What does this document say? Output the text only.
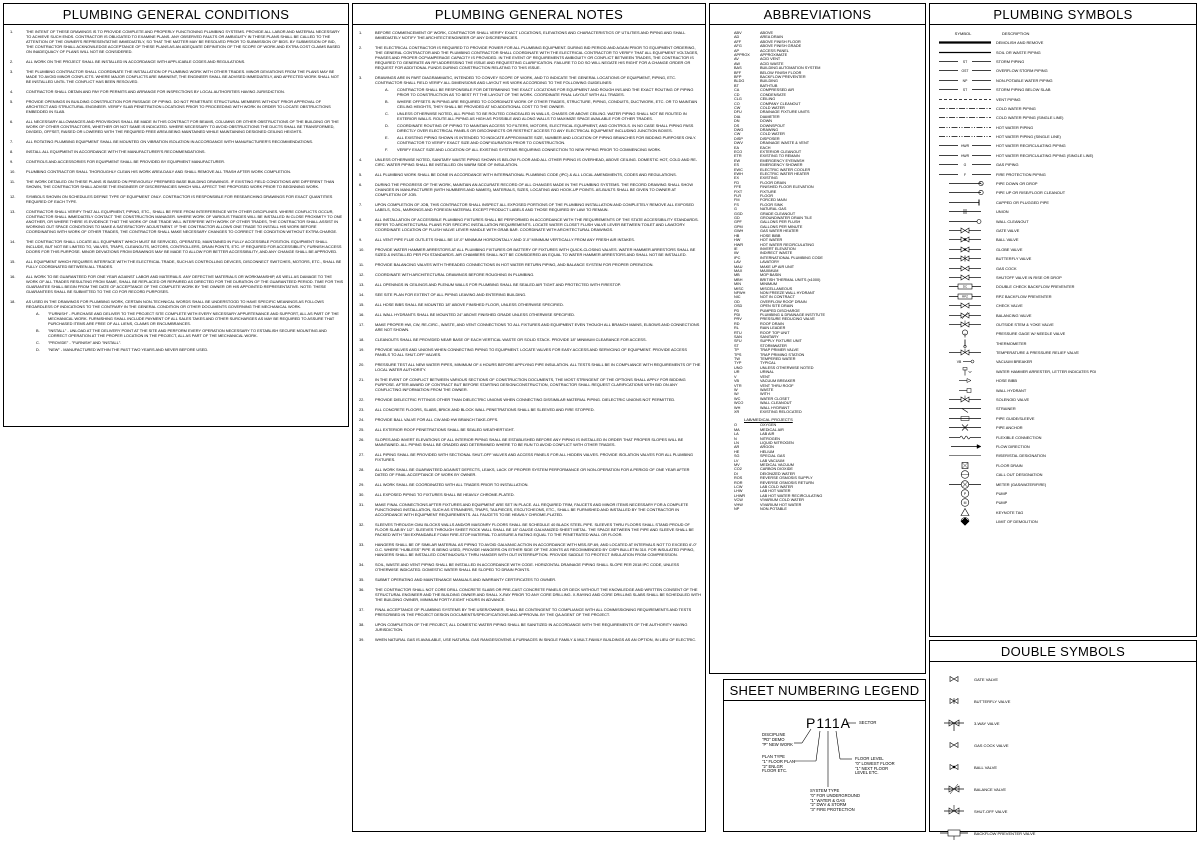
PLUMBING GENERAL CONDITIONS
1.	THE INTENT OF THESE DRAWINGS IS TO PROVIDE COMPLETE AND PROPERLY FUNCTIONING PLUMBING SYSTEMS. PROVIDE ALL LABOR AND MATERIAL NECESSARY TO ACHIEVE SUCH ENDS. CONTRACTOR IS OBLIGATED TO EXAMINE PLANS. ANY OBSERVED FAULTS OR AMBIGUITY IN THESE PLANS SHALL BE CALLED TO THE ATTENTION OF THE OWNER'S REPRESENTATIVE IMMEDIATELY, SO THAT THE MATTER MAY BE RESOLVED PRIOR TO SUBMISSION OF BIDS. BY SUBMISSION OF BID, THE CONTRACTOR SHALL ACKNOWLEDGE ACCEPTANCE OF THESE PLANS AS AN ADEQUATE DEFINITION OF THE SCOPE OF WORK AND EXTRA COST CLAIMS BASED ON INADEQUACY OF PLANS WILL NOT BE CONSIDERED.
2.	ALL WORK ON THE PROJECT SHALL BE INSTALLED IN ACCORDANCE WITH APPLICABLE CODES AND REGULATIONS.
3.	THE PLUMBING CONTRACTOR SHALL COORDINATE THE INSTALLATION OF PLUMBING WORK WITH OTHER TRADES. MINOR DEVIATIONS FROM THE PLANS MAY BE MADE TO AVOID MINOR CONFLICTS. WHERE MAJOR CONFLICTS ARE IMMINENT, THE ENGINEER SHALL BE ADVISED IMMEDIATELY, AND AFFECTED WORK SHALL NOT BE INSTALLED UNTIL THE CONFLICT HAS BEEN RESOLVED.
4.	CONTRACTOR SHALL OBTAIN AND PAY FOR PERMITS AND ARRANGE FOR INSPECTIONS BY LOCAL AUTHORITIES HAVING JURISDICTION.
5.	PROVIDE OPENINGS IN BUILDING CONSTRUCTION FOR PASSAGE OF PIPING. DO NOT PENETRATE STRUCTURAL MEMBERS WITHOUT PRIOR APPROVAL OF ARCHITECT AND STRUCTURAL ENGINEER. VERIFY SLAB PENETRATION LOCATIONS PRIOR TO PROCEEDING WITH WORK IN ORDER TO LOCATE OBSTRUCTIONS EMBEDDED IN SLAB.
6.	ALL NECESSARY ALLOWANCES AND PROVISIONS SHALL BE MADE IN THIS CONTRACT FOR BEAMS, COLUMNS OR OTHER OBSTRUCTIONS OF THE BUILDING OR THE WORK OF OTHER CONTRACTORS, WHETHER OR NOT SAME IS INDICATED. WHERE NECESSARY TO AVOID OBSTRUCTIONS THE DUCTS SHALL BE TRANSFORMED, DIVIDED, OFFSET, RAISED OR LOWERED WITH THE REQUIRED FREE AREA BEING MAINTAINED WHILE MAINTAINING DESIGNED CEILING HEIGHTS.
7.	ALL ROTATING PLUMBING EQUIPMENT SHALL BE MOUNTED ON VIBRATION ISOLATION IN ACCORDANCE WITH MANUFACTURER'S RECOMMENDATIONS.
8.	INSTALL ALL EQUIPMENT IN ACCORDANCE WITH THE MANUFACTURER'S RECOMMENDATIONS.
9.	CONTROLS AND ACCESSORIES FOR EQUIPMENT SHALL BE PROVIDED BY EQUIPMENT MANUFACTURER.
10.	PLUMBING CONTRACTOR SHALL THOROUGHLY CLEAN HIS WORK AREA DAILY AND SHALL REMOVE ALL TRASH AFTER WORK COMPLETION.
11.	THE WORK DETAILED ON THESE PLANS IS BASED ON PREVIOUSLY PREPARED BASE BUILDING DRAWINGS. IF EXISTING FIELD CONDITIONS ARE DIFFERENT THAN SHOWN, THE CONTRACTOR SHALL ADVISE THE ENGINEER OF DISCREPANCIES WHICH WILL AFFECT THE PROPOSED WORK PRIOR TO BEGINNING WORK.
12.	SYMBOLS SHOWN ON SCHEDULES DEFINE TYPE OF EQUIPMENT ONLY. CONTRACTOR IS RESPONSIBLE FOR RESEARCHING DRAWINGS FOR EXACT QUANTITIES REQUIRED OF EACH TYPE.
13.	CONTRACTOR SHALL VERIFY THAT ALL EQUIPMENT, PIPING, ETC., SHALL BE FREE FROM INTERFERENCE WITH OTHER DISCIPLINES. WHERE CONFLICTS OCCUR, CONTRACTOR SHALL IMMEDIATELY CONTACT THE CONSTRUCTION MANAGER. WHERE WORK OF VARIOUS TRADES WILL BE INSTALLED IN CLOSE PROXIMITY TO ONE ANOTHER, OR WHERE THERE IS EVIDENCE THAT THE WORK OF ONE TRADE WILL INTERFERE WITH WORK OF OTHER TRADES, THE CONTRACTOR SHALL ASSIST IN WORKING OUT SPACE CONDITIONS TO MAKE A SATISFACTORY ADJUSTMENT. IF THE CONTRACTOR ALLOWS ONE TRADE TO INSTALL HIS WORK BEFORE COORDINATING WITH WORK OF OTHER TRADES, THE CONTRACTOR SHALL MAKE NECESSARY CHANGES TO CORRECT THE CONDITION WITHOUT EXTRA CHARGE.
14.	THE CONTRACTOR SHALL LOCATE ALL EQUIPMENT WHICH MUST BE SERVICED, OPERATED, MAINTAINED IN FULLY ACCESSIBLE POSITION. EQUIPMENT SHALL INCLUDE, BUT NOT BE LIMITED TO, VALVES, TRAPS, CLEANOUTS, MOTORS, CONTROLLERS, DRAIN POINTS, ETC. IF REQUIRED FOR ACCESSIBILITY, FURNISH ACCESS DOORS FOR THIS PURPOSE. MINOR DEVIATIONS FROM DRAWINGS MAY BE MADE TO ALLOW FOR BETTER ACCESSIBILITY, AND ANY CHANGE SHALL BE APPROVED.
15.	ALL EQUIPMENT WHICH REQUIRES INTERFACE WITH THE ELECTRICAL TRADE, SUCH AS CONTROLLING DEVICES, DISCONNECT SWITCHES, MOTORS, ETC., SHALL BE FULLY COORDINATED BETWEEN ALL TRADES.
16.	ALL WORK TO BE GUARANTEED FOR ONE YEAR AGAINST LABOR AND MATERIALS. ANY DEFECTIVE MATERIALS OR WORKMANSHIP, AS WELL AS DAMAGE TO THE WORK OF ALL TRADES RESULTING FROM SAME, SHALL BE REPLACED OR REPAIRED AS DIRECTED FOR THE DURATION OF THE GUARANTEED PERIOD. TIME FOR THIS GUARANTEE SHALL BEGIN FROM THE DATE OF ACCEPTANCE OF THE COMPLETE WORK BY THE OWNER OR HIS APPOINTED REPRESENTATIVE. NOTE: THESE GUARANTEES SHALL BE SUBMITTED TO THE CO FOR RECORD PURPOSES.
18.	AS USED IN THE DRAWINGS FOR PLUMBING WORK, CERTAIN NON-TECHNICAL WORDS SHALL BE UNDERSTOOD TO HAVE SPECIFIC MEANINGS AS FOLLOWS REGARDLESS OF INDICATIONS TO THE CONTRARY IN THE GENERAL CONDITION OR OTHER DOCUMENTS GOVERNING THE MECHANICAL WORK.
A. "FURNISH" - PURCHASE AND DELIVER TO THE PROJECT SITE COMPLETE WITH EVERY NECESSARY APPURTENANCE AND SUPPORT, ALL AS PART OF THE MECHANICAL WORK. FURNISHING SHALL INCLUDE PAYMENT OF ALL SALES TAKES AND OTHER SURCHARGES AS MAY BE REQUIRED TO ASSURE THAT PURCHASED ITEMS ARE FREE OF ALL LIENS, CLAIMS OR ENCUMBRANCES.
B. "INSTALL" - UNLOAD AT THE DELIVERY POINT AT THE SITE AND PERFORM EVERY OPERATION NECESSARY TO ESTABLISH SECURE MOUNTING AND CORRECT OPERATION AT THE PROPER LOCATION IN THE PROJECT, ALL AS PART OF THE MECHANICAL WORK.
C. "PROVIDE" - "FURNISH" AND "INSTALL".
D. "NEW" - MANUFACTURED WITHIN THE PAST TWO YEARS AND NEVER BEFORE USED.
PLUMBING GENERAL NOTES
1.	BEFORE COMMENCEMENT OF WORK, CONTRACTOR SHALL VERIFY EXACT LOCATIONS, ELEVATIONS AND CHARACTERISTICS OF UTILITIES AND PIPING AND SHALL IMMEDIATELY NOTIFY THE ARCHITECT/ENGINEER OF ANY DISCREPANCIES.
2.	THE ELECTRICAL CONTRACTOR IS REQUIRED TO PROVIDE POWER FOR ALL PLUMBING EQUIPMENT. DURING BID PERIOD AND AGAIN PRIOR TO EQUIPMENT ORDERING, THE GENERAL CONTRACTOR AND THE PLUMBING CONTRACTOR SHALL COORDINATE WITH THE ELECTRICAL CONTRACTOR TO VERIFY THAT ALL EQUIPMENT VOLTAGES, PHASES AND PROPER OCP/AMPERAGE CAPACITY IS PROVIDED. IN THE EVENT OF REQUIREMENTS AMBIGUITY OR CONFLICT BETWEEN TRADES, THE CONTRACTOR IS REQUIRED TO GENERATE AN RFI ADDRESSING THE ISSUE AND REQUESTING CLARIFICATION. FAILURE TO DO SO WILL NEGATE HIS RIGHT FOR A CHANGE ORDER OR REQUEST FOR ADDITIONAL FUNDS DURING CONSTRUCTION RELATING TO THIS ISSUE.
3.	DRAWINGS ARE IN PART DIAGRAMMATIC, INTENDED TO CONVEY SCOPE OF WORK, AND TO INDICATE THE GENERAL LOCATIONS OF EQUIPMENT, PIPING, ETC. CONTRACTOR SHALL FIELD VERIFY ALL DIMENSIONS AND LAYOUT HIS WORK ACCORDING TO THE FOLLOWING GUIDELINES:
A. CONTRACTOR SHALL BE RESPONSIBLE FOR DETERMINING THE EXACT LOCATIONS FOR EQUIPMENT AND ROUGH INS AND THE EXACT ROUTING OF PIPING PRIOR TO CONSTRUCTION AS TO BEST FIT THE LAYOUT OF THE WORK. COORDINATE FINAL LAYOUT WITH ALL TRADES.
B. WHERE OFFSETS IN PIPING ARE REQUIRED TO COORDINATE WORK OF OTHER TRADES, STRUCTURE, PIPING, CONDUITS, DUCTWORK, ETC. OR TO MAINTAIN CEILING HEIGHTS, THEY SHALL BE PROVIDED AT NO ADDITIONAL COST TO THE OWNER.
C. UNLESS OTHERWISE NOTED, ALL PIPING TO BE ROUTED CONCEALED IN WALLS, CHASES OR ABOVE CEILING. WATER PIPING SHALL NOT BE ROUTED IN EXTERIOR WALLS. ROUTE ALL PIPING AS HIGH AS POSSIBLE AND ALONG WALLS TO MAXIMIZE SPACE AVAILABLE FOR OTHER TRADES.
D. COORDINATE ROUTING OF PIPING TO MAINTAIN ACCESS TO FILTERS, MOTORS, ELECTRICAL EQUIPMENT, AND CONTROLS. IN NO CASE SHALL PIPING PASS DIRECTLY OVER ELECTRICAL PANELS OR DISCONNECTS OR RESTRICT ACCESS TO ANY ELECTRICAL EQUIPMENT INCLUDING JUNCTION BOXES.
E. ALL EXISTING PIPING SHOWN IS INTENDED TO INDICATE APPROXIMATE SIZE, NUMBER AND LOCATION OF PIPING BRANCHES FOR BIDDING PURPOSES ONLY. CONTRACTOR TO VERIFY EXACT SIZE AND CONFIGURATION PRIOR TO CONSTRUCTION.
F. VERIFY EXACT SIZE AND LOCATION OF ALL EXISTING SYSTEMS REQUIRING CONNECTION TO NEW PIPING PRIOR TO COMMENCING WORK.
4.	UNLESS OTHERWISE NOTED, SANITARY WASTE PIPING SHOWN IS BELOW FLOOR AND ALL OTHER PIPING IS OVERHEAD, ABOVE CEILING. DOMESTIC HOT, COLD AND RE-CIRC. WATER PIPING SHALL BE INSTALLED ON WARM SIDE OF INSULATION.
5.	ALL PLUMBING WORK SHALL BE DONE IN ACCORDANCE WITH INTERNATIONAL PLUMBING CODE (IPC) & ALL LOCAL AMENDMENTS, CODES AND REGULATIONS.
6.	DURING THE PROGRESS OF THE WORK, MAINTAIN AN ACCURATE RECORD OF ALL CHANGES MADE IN THE PLUMBING SYSTEMS. THE RECORD DRAWING SHALL SHOW CHANGES IN MANUFACTURER (WITH NUMBERS AND NAMES), MATERIALS, SIZES, LOCATING AND HOOK-UP POINTS. AS-BUILTS SHALL BE GIVEN TO OWNER AT COMPLETION OF JOB.
7.	UPON COMPLETION OF JOB, THIS CONTRACTOR SHALL INSPECT ALL EXPOSED PORTIONS OF THE PLUMBING INSTALLATION AND COMPLETELY REMOVE ALL EXPOSED LABELS, SOIL, MARKINGS AND FOREIGN MATERIAL EXCEPT PRODUCT LABELS AND THOSE REQUIRED BY LAW TO REMAIN.
8.	ALL INSTALLATION OF ACCESSIBLE PLUMBING FIXTURES SHALL BE PERFORMED IN ACCORDANCE WITH THE REQUIREMENTS OF THE STATE ACCESSIBILITY STANDARDS. REFER TO ARCHITECTURAL PLANS FOR SPECIFIC INSTALLATION REQUIREMENTS. LOCATE WATER CLOSET FLUSH VALVE LEVER BETWEEN TOILET AND LAVATORY. COORDINATE LOCATION OF FLUSH VALVE LEVER HANDLE WITH GRAB BAR. COORDINATE WITH ARCHITECTURAL DRAWINGS.
9.	ALL VENT PIPE FLUE OUTLETS SHALL BE 10'-0" MINIMUM HORIZONTALLY AND 3'-0" MINIMUM VERTICALLY FROM ANY FRESH AIR INTAKES.
10.	PROVIDE WATER HAMMER ARRESTORS AT ALL PLUMBING FIXTURES OR BATTERY OF FIXTURES WITH QUICK-CLOSING VALVES. WATER HAMMER ARRESTORS SHALL BE SIZED & INSTALLED PER PDI STANDARDS. AIR CHAMBERS SHALL NOT BE CONSIDERED AN EQUAL TO WATER HAMMER ARRESTORS AND SHALL NOT BE INSTALLED.
11.	PROVIDE BALANCING VALVES WITH THREADED CONNECTIONS IN HOT WATER RETURN PIPING, AND BALANCE SYSTEM FOR PROPER OPERATION.
12.	COORDINATE WITH ARCHITECTURAL DRAWINGS BEFORE ROUGHING IN PLUMBING.
13.	ALL OPENINGS IN CEILINGS AND PLENUM WALLS FOR PLUMBING SHALL BE SEALED AIR TIGHT AND PROTECTED WITH FIRESTOP.
14.	SEE SITE PLAN FOR EXTENT OF ALL PIPING LEAVING AND ENTERING BUILDING.
15.	ALL HOSE BIBS SHALL BE MOUNTED 18" ABOVE FINISHED FLOOR, UNLESS OTHERWISE SPECIFIED.
16.	ALL WALL HYDRANTS SHALL BE MOUNTED 24" ABOVE FINISHED GRADE UNLESS OTHERWISE SPECIFIED.
17.	MAKE PROPER HW, CW, RE-CIRC., WASTE, AND VENT CONNECTIONS TO ALL FIXTURES AND EQUIPMENT EVEN THOUGH ALL BRANCH MAINS, ELBOWS AND CONNECTIONS ARE NOT SHOWN.
18.	CLEANOUTS SHALL BE PROVIDED NEAR BASE OF EACH VERTICAL WASTE OR SOLID STACK. PROVIDE 18" MINIMUM CLEARANCE FOR ACCESS.
19.	PROVIDE VALVES AND UNIONS WHEN CONNECTING PIPING TO EQUIPMENT. LOCATE VALVES FOR EASY ACCESS AND SERVICING OF EQUIPMENT. PROVIDE ACCESS PANELS TO ALL SHUT-OFF VALVES.
20.	PRESSURE TEST ALL NEW WATER PIPES, MINIMUM OF 4 HOURS BEFORE APPLYING PIPE INSULATION. ALL TESTS SHALL BE IN COMPLIANCE WITH REQUIREMENTS OF THE LOCAL WATER AUTHORITY.
21.	IN THE EVENT OF CONFLICT BETWEEN VARIOUS SECTIONS OF CONSTRUCTION DOCUMENTS, THE MOST STRINGENT OF THE OPTIONS SHALL APPLY FOR BIDDING PURPOSE. AFTER AWARD OF CONTRACT BUT BEFORE STARTING DESIGN/CONSTRUCTION, CONTRACTOR SHALL REQUEST CLARIFICATIONS WITH BID ON ANY CONFLICTING INFORMATION FROM THE OWNER.
22.	PROVIDE DIELECTRIC FITTINGS OTHER THAN DIELECTRIC UNIONS WHEN CONNECTING DISSIMILAR MATERIAL PIPING. DIELECTRIC UNIONS NOT PERMITTED.
23.	ALL CONCRETE FLOORS, SLABS, BRICK AND BLOCK WALL PENETRATIONS SHALL BE SLEEVED AND FIRE STOPPED.
24.	PROVIDE BALL VALVE FOR ALL CW AND HW BRANCH TAKE-OFFS.
25.	ALL EXTERIOR ROOF PENETRATIONS SHALL BE SEALED WEATHERTIGHT.
26.	SLOPES AND INVERT ELEVATIONS OF ALL INTERIOR PIPING SHALL BE ESTABLISHED BEFORE ANY PIPING IS INSTALLED IN ORDER THAT PROPER SLOPES WILL BE MAINTAINED. ALL PIPING SHALL BE GRADED AND DETERMINED WHERE TO BE RUN TO AVOID CONFLICT WITH OTHER TRADES.
27.	ALL PIPING SHALL BE PROVIDED WITH SECTIONAL SHUT-OFF VALVES AND ACCESS PANELS FOR ALL HIDDEN VALVES. PROVIDE ISOLATION VALVES FOR ALL PLUMBING FIXTURES.
28.	ALL WORK SHALL BE GUARANTEED AGAINST DEFECTS, LEAKS, LACK OF PROPER SYSTEM PERFORMANCE OR NON-OPERATION FOR A PERIOD OF ONE YEAR AFTER DATED OF FINAL ACCEPTANCE OF WORK BY OWNER.
29.	ALL WORK SHALL BE COORDINATED WITH ALL TRADES PRIOR TO INSTALLATION.
30.	ALL EXPOSED PIPING TO FIXTURES SHALL BE HEAVILY CHROME-PLATED.
31.	MAKE FINAL CONNECTIONS AFTER FIXTURES AND EQUIPMENT ARE SET IN PLACE. ALL REQUIRED TRIM, FAUCETS AND MINOR ITEMS NECESSARY FOR A COMPLETE FUNCTIONING INSTALLATION, SUCH AS STRAINERS, TRAPS, TAILPIECES, ESCUTCHEONS, ETC., SHALL BE FURNISHED AND INSTALLED BY THE CONTRACTOR IN ACCORDANCE WITH EQUIPMENT REQUIREMENTS. ALL FAUCETS TO BE HEAVILY CHROME-PLATED.
32.	SLEEVES THROUGH CMU BLOCKS WALLS AND/OR MASONRY FLOORS SHALL BE SCHEDULE 40 BLACK STEEL PIPE. SLEEVES THRU FLOORS SHALL STAND PROUD OF FLOOR SLAB BY 1/2". SLEEVES THROUGH SHEET ROCK WALL SHALL BE 18" GAUGE GALVANIZED SHEET METAL. THE SPACE BETWEEN THE PIPE AND SLEEVE SHALL BE PACKED WITH "3M EXPANDABLE FOAM FIRE-STOP MATERIAL TO ASSURE A RATING EQUAL TO THE PENETRATED WALL OR FLOOR.
33.	HANGERS SHALL BE OF SIMILAR MATERIAL AS PIPING TO AVOID GALVANIC ACTION IN ACCORDANCE WITH MSS-SP-69, AND LOCATED AT INTERVALS NOT TO EXCEED 6'-0" O.C. WHERE "HUBLESS" PIPE IS BEING USED, PROVIDE HANGERS ON EITHER SIDE OF THE JOINTS AS RECOMMENDED BY CISPI BULLETIN 310. FOR INSULATED PIPING, HANGERS SHALL BE INSTALLED CONTINUOUSLY THRU HANGER WITH OUT INTERRUPTION. PROVIDE SADDLE TO PROTECT INSULATION FROM COMPRESSION.
34.	SOIL, WASTE AND VENT PIPING SHALL BE INSTALLED IN ACCORDANCE WITH CODE. HORIZONTAL DRAINAGE PIPING SHALL SLOPE PER 2018 IPC CODE, UNLESS OTHERWISE INDICATED. DOMESTIC WATER SHALL BE SLOPED TO DRAIN POINTS.
35.	SUBMIT OPERATING AND MAINTENANCE MANUALS AND WARRANTY CERTIFICATES TO OWNER.
36.	THE CONTRACTOR SHALL NOT CORE DRILL CONCRETE SLABS OR PRE-CAST CONCRETE PANELS OR DECK WITHOUT THE KNOWLEDGE AND WRITTEN CONSENT OF THE STRUCTURAL ENGINEER AND THE BUILDING OWNER AND SHALL X-RAY PRIOR TO ANY CORE DRILLING. X-RAYING AND CORE DRILLING SLABS SHALL BE SCHEDULED WITH THE BUILDING OWNER, MINIMUM FORTY-EIGHT HOURS IN ADVANCE.
37.	FINAL ACCEPTANCE OF PLUMBING SYSTEMS BY THE USER/OWNER, SHALL BE CONTINGENT TO COMPLIANCE WITH ALL COMMISSIONING REQUIREMENTS AND TESTS PRESCRIBED IN THE PROJECT DESIGN DOCUMENTS/SPECIFICATIONS AND APPROVAL BY THE QA AGENT OF THE PROJECT.
38.	UPON COMPLETION OF THE PROJECT, ALL DOMESTIC WATER PIPING SHALL BE SANITIZED IN ACCORDANCE WITH THE REQUIREMENTS OF THE AUTHORITY HAVING JURISDICTION.
39.	WHEN NATURAL GAS IS AVAILABLE, USE NATURAL GAS RANGES/OVENS & FURNACES IN SINGLE FAMILY & MULT-FAMILY BUILDINGS AS AN OPTION, IN LIEU OF ELECTRIC.
ABBREVIATIONS
ABV	ABOVE
AD	AREA DRAIN
AFF	ABOVE FINISH FLOOR
AFG	ABOVE FINISH GRADE
AP	ACCESS PANEL
APPROX	APPROXIMATE
AV	ACID VENT
AW	ACID WASTE
BAS	BUILDING AUTOMATION SYSTEM
BFF	BELOW FINISH FLOOR
BFP	BACKFLOW PREVENTER
BLDG	BUILDING
BT	BATHTUB
CA	COMPRESSED AIR
CD	CONDENSATE
CLG	CEILING
CO	COMPANY CLEANOUT
CW	COLD WATER
DFU	DRAINAGE FIXTURE UNITS
DIA	DIAMETER
DN	DOWN
DS	DOWNSPOUT
DWG	DRAWING
CW	COLD WATER
DISP	DISPOSER
DWV	DRAINAGE WASTE & VENT
EA	EACH
ECO	EXTERIOR CLEANOUT
ETR	EXISTING TO REMAIN
EW	EMERGENCY EYEWASH
ES	EMERGENCY SHOWER
EWC	ELECTRIC WATER COOLER
EWH	ELECTRIC WATER HEATER
EX	EXISTING
FD	FLOOR DRAIN
FFE	FINISHED FLOOR ELEVATION
FIXT	FIXTURE
FLR	FLOOR
FM	FORCED MAIN
FS	FLOOR SINK
G	NATURAL GAS
GGD	GRADE CLEANOUT
GD	GROUNDWATER DRAIN TILE
GPF	GALLONS PER FLUSH
GPM	GALLONS PER MINUTE
GWH	GAS WATER HEATER
HB	HOSE BIBB
HW	HOT WATER
HWR	HOT WATER RECIRCULATING
IE	INVERT ELEVATION
IW	INDIRECT WASTE
IPC	INTERNATIONAL PLUMBING CODE
LAV	LAVATORY
MAU	MAKE UP AIR UNIT
MAX	MAXIMUM
MB	MOP BASIN
MBH	BRITISH THERMAL UNITS (x1000)
MIN	MINIMUM
MISC	MISCELLANEOUS
NFWH	NON FREEZE WALL HYDRANT
NIC	NOT IN CONTRACT
OD	OVERFLOW ROOF DRAIN
OSD	OPEN SITE DRAIN
PD	PUMPED DISCHARGE
PDI	PLUMBING & DRAINAGE INSTITUTE
PRV	PRESSURE REDUCING VALVE
RD	ROOF DRAIN
RL	RAIN LEADER
RTU	ROOF TOP UNIT
SAN	SANITARY
SFU	SUPPLY FIXTURE UNIT
ST	STORMWATER
TP	TRAP PRIMER VALVE
TPS	TRAP PRIMING STATION
TW	TEMPERED WATER
TYP	TYPICAL
UNO	UNLESS OTHERWISE NOTED
UR	URINAL
V	VENT
VB	VACUUM BREAKER
VTR	VENT THRU ROOF
W	WASTE
W/	WITH
WC	WATER CLOSET
WCO	WALL CLEANOUT
WH	WALL HYDRANT
XR	EXISTING RELOCATED
LAB/MEDICAL PROJECTS
O	OXYGEN
MA	MEDICAL AIR
LA	LAB AIR
N	NITROGEN
LN	LIQUID NITROGEN
AR	ARGON
HE	HELIUM
SG	SPECIAL GAS
LV	LAB VACUUM
MV	MEDICAL VACUUM
CO2	CARBON DIOXIDE
DI	DEIONIZED WATER
ROS	REVERSE OSMOSIS SUPPLY
ROR	REVERSE OSMOSIS RETURN
LCW	LAB COLD WATER
LHW	LAB HOT WATER
LHWR	LAB HOT WATER RECIRCULATING
VCW	VIVARIUM COLD WATER
VHW	VIVARIUM HOT WATER
NP	NON-POTABLE
SHEET NUMBERING LEGEND
P111A
DISCIPLINE
"PD" DEMO
"P" NEW WORK
PLAN TYPE
"1" FLOOR PLAN
"2" ENLGR
FLOOR ETC.
SECTOR
FLOOR LEVEL
"0" LOWEST FLOOR
"1" NEXT FLOOR
LEVEL ETC.
SYSTEM TYPE
"0" FOR UNDERGROUND
"1" WATER & GAS
"2" DWV & STORM
"3" FIRE PROTECTION
PLUMBING SYMBOLS
SYMBOL	DESCRIPTION
DEMOLISH AND REMOVE
SOIL OR WASTE PIPING
ST	STORM PIPING
OST	OVERFLOW STORM PIPING
NP	NON-POTABLE WATER PIPING
ST	STORM PIPING BELOW SLAB
VENT PIPING
COLD WATER PIPING
COLD WATER PIPING (SINGLE LINE)
HOT WATER PIPING
HOT WATER PIPING (SINGLE LINE)
HWR	HOT WATER RECIRCULATING PIPING
HWR	HOT WATER RECIRCULATING PIPING (SINGLE LINE)
G	GAS PIPING
F	FIRE PROTECTION PIPING
PIPE DOWN OR DROP
PIPE UP OR RISE/FLOOR CLEANOUT
CAPPED OR PLUGGED PIPE
UNION
WALL CLEANOUT
GATE VALVE
BALL VALVE
GLOBE VALVE
BUTTERFLY VALVE
GAS COCK
SHUTOFF VALVE IN RISE OR DROP
DC	DOUBLE CHECK BACKFLOW PREVENTER
RPZ	RPZ BACKFLOW PREVENTER
CHECK VALVE
BALANCING VALVE
OUTSIDE STEM & YOKE VALVE
PRESSURE GAGE W/ NEEDLE VALVE
THERMOMETER
TEMPERATURE & PRESSURE RELIEF VALVE
VB	VACUUM BREAKER
"A"	WATER HAMMER ARRESTER, LETTER INDICATES PDI
HOSE BIBB
WALL HYDRANT
SOLENOID VALVE
STRAINER
PIPE GUIDE/SLEEVE
PIPE ANCHOR
FLEXIBLE CONNECTION
FLOW DIRECTION
RISER/STAL DESIGNATION
FLOOR DRAIN
CALL OUT DESIGNATION
METER (GAS/WATER/FIRE)
P	PUMP
M	PUMP
KEYNOTE TAG
LIMIT OF DEMOLITION
DOUBLE SYMBOLS
GATE VALVE
BUTTERFLY VALVE
3-WAY VALVE
GAS COCK VALVE
BALL VALVE
BALANCE VALVE
SHUT-OFF VALVE
BACKFLOW PREVENTER VALVE
